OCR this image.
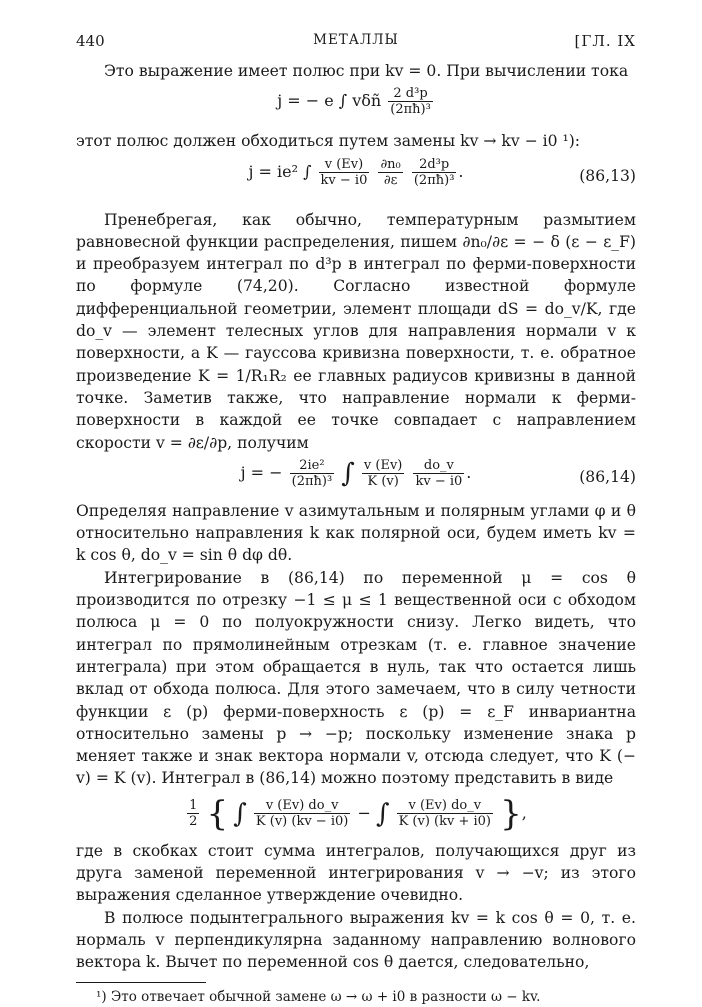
440	МЕТАЛЛЫ	[ГЛ. IX

Это выражение имеет полюс при kv = 0. При вычислении тока

j = − e ∫ vδñ $\frac{\text{2 d³p}}{\text{(2πħ)³}}$

этот полюс должен обходиться путем замены kv → kv − i0 ¹):

j = ie² ∫ $\frac{v (Ev)}{kv - i0}$
$\frac{\text{∂n₀}}{\partial\varepsilon}$
$\frac{\text{2d³p}}{\text{(2πħ)³}}$ .	(86,13)

Пренебрегая, как обычно, температурным размытием равновесной функции распределения, пишем ∂n₀/∂ε = − δ (ε − ε_F) и преобразуем интеграл по d³p в интеграл по ферми-поверхности по формуле (74,20). Согласно известной формуле дифференциальной геометрии, элемент площади dS = do_v/K, где do_v — элемент телесных углов для направления нормали v к поверхности, а K — гауссова кривизна поверхности, т. е. обратное произведение K = 1/R₁R₂ ее главных радиусов кривизны в данной точке. Заметив также, что направление нормали к ферми-поверхности в каждой ее точке совпадает с направлением скорости v = ∂ε/∂p, получим

j = − $\frac{\text{2ie²}}{\text{(2πħ)³}}$ ∫ $\frac{v (Ev)}{K (v)}$
$\frac{do\_v}{kv - i0}$ .	(86,14)

Определяя направление v азимутальным и полярным углами φ и θ относительно направления k как полярной оси, будем иметь kv = k cos θ, do_v = sin θ dφ dθ.

Интегрирование в (86,14) по переменной μ = cos θ производится по отрезку −1 ≤ μ ≤ 1 вещественной оси с обходом полюса μ = 0 по полуокружности снизу. Легко видеть, что интеграл по прямолинейным отрезкам (т. е. главное значение интеграла) при этом обращается в нуль, так что остается лишь вклад от обхода полюса. Для этого замечаем, что в силу четности функции ε (p) ферми-поверхность ε (p) = ε_F инвариантна относительно замены p → −p; поскольку изменение знака p меняет также и знак вектора нормали v, отсюда следует, что K (− v) = K (v). Интеграл в (86,14) можно поэтому представить в виде

$\frac{1}{2}$ { ∫ $\frac{v (Ev) do\_v}{K (v) (kv - i0)}$ − ∫ $\frac{v (Ev) do\_v}{K (v) (kv + i0)}$ },

где в скобках стоит сумма интегралов, получающихся друг из друга заменой переменной интегрирования v → −v; из этого выражения сделанное утверждение очевидно.

В полюсе подынтегрального выражения kv = k cos θ = 0, т. е. нормаль v перпендикулярна заданному направлению волнового вектора k. Вычет по переменной cos θ дается, следовательно,

¹) Это отвечает обычной замене ω → ω + i0 в разности ω − kv.
